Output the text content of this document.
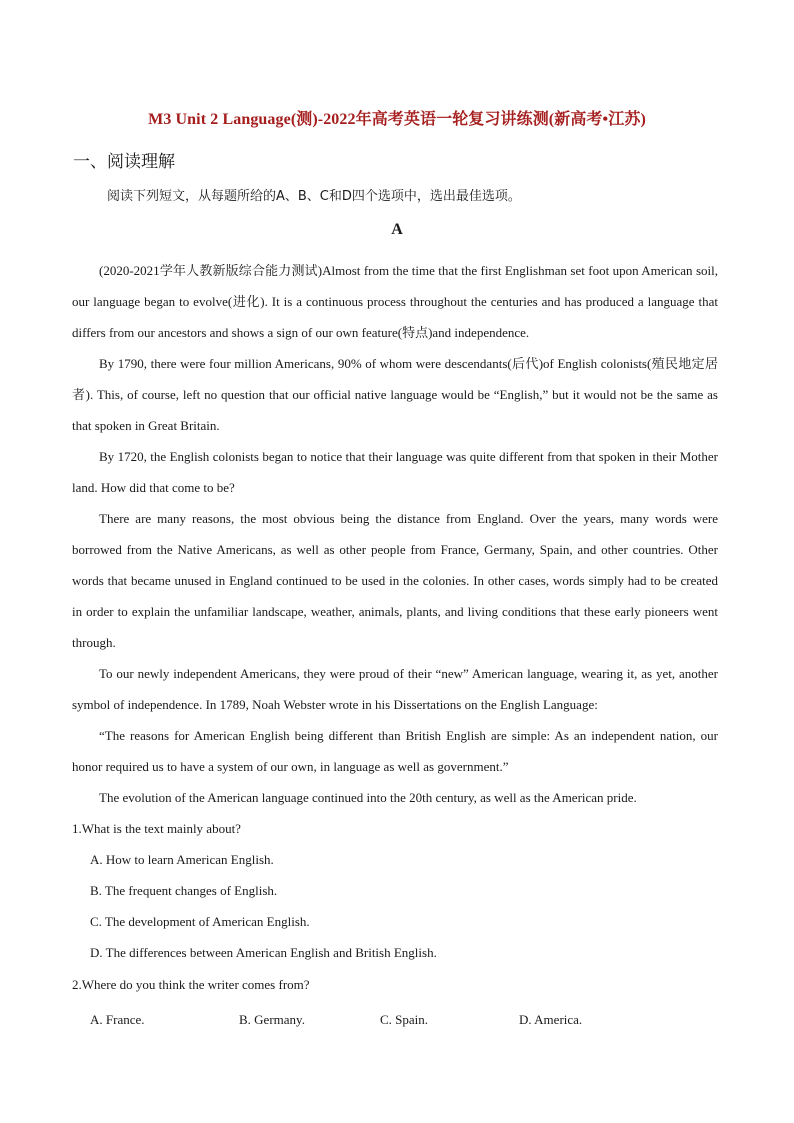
M3 Unit 2 Language(测)-2022年高考英语一轮复习讲练测(新高考•江苏)
一、阅读理解
阅读下列短文，从每题所给的A、B、C和D四个选项中，选出最佳选项。
A

(2020-2021学年人教新版综合能力测试)Almost from the time that the first Englishman set foot upon American soil, our language began to evolve(进化). It is a continuous process throughout the centuries and has produced a language that differs from our ancestors and shows a sign of our own feature(特点)and independence.

By 1790, there were four million Americans, 90% of whom were descendants(后代)of English colonists(殖民地定居者). This, of course, left no question that our official native language would be “English,” but it would not be the same as that spoken in Great Britain.

By 1720, the English colonists began to notice that their language was quite different from that spoken in their Mother land. How did that come to be?

There are many reasons, the most obvious being the distance from England. Over the years, many words were borrowed from the Native Americans, as well as other people from France, Germany, Spain, and other countries. Other words that became unused in England continued to be used in the colonies. In other cases, words simply had to be created in order to explain the unfamiliar landscape, weather, animals, plants, and living conditions that these early pioneers went through.

To our newly independent Americans, they were proud of their “new” American language, wearing it, as yet, another symbol of independence. In 1789, Noah Webster wrote in his Dissertations on the English Language:

“The reasons for American English being different than British English are simple: As an independent nation, our honor required us to have a system of our own, in language as well as government.”

The evolution of the American language continued into the 20th century, as well as the American pride.

1.What is the text mainly about?
A. How to learn American English.
B. The frequent changes of English.
C. The development of American English.
D. The differences between American English and British English.
2.Where do you think the writer comes from?
A. France.	B. Germany.	C. Spain.	D. America.
